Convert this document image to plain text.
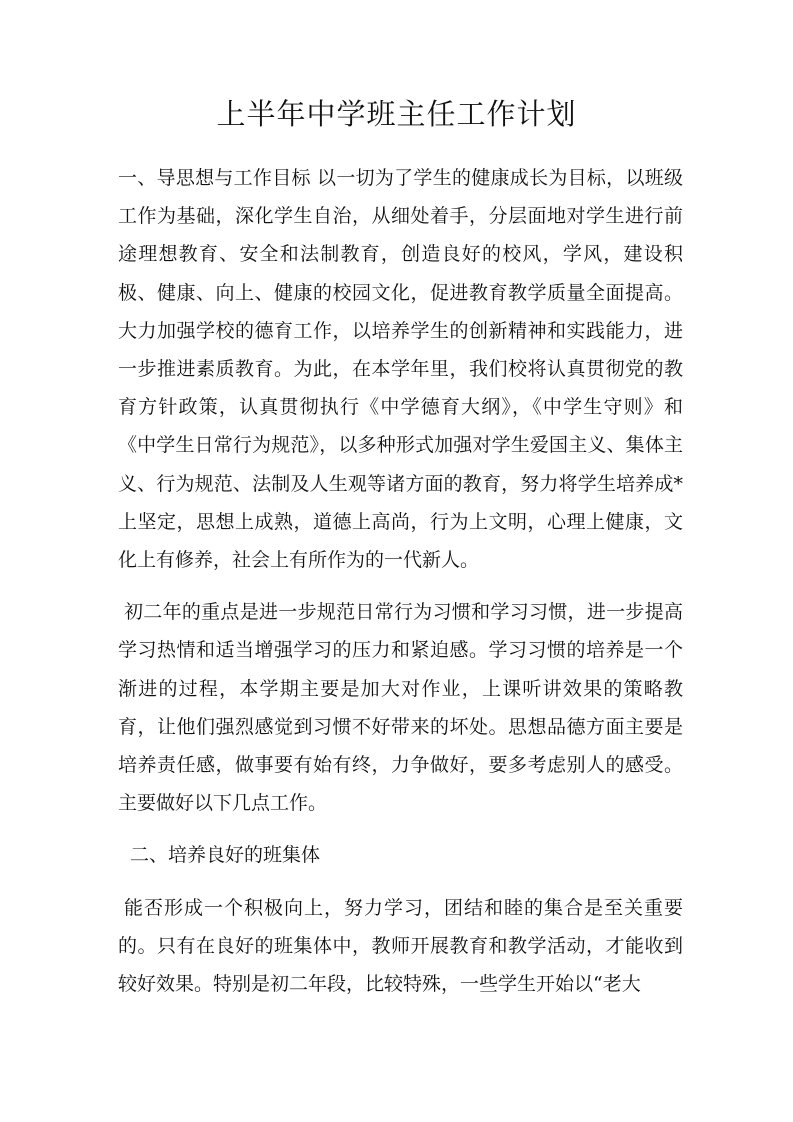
上半年中学班主任工作计划

一、导思想与工作目标 以一切为了学生的健康成长为目标，以班级工作为基础，深化学生自治，从细处着手，分层面地对学生进行前途理想教育、安全和法制教育，创造良好的校风，学风，建设积极、健康、向上、健康的校园文化，促进教育教学质量全面提高。大力加强学校的德育工作，以培养学生的创新精神和实践能力，进一步推进素质教育。为此，在本学年里，我们校将认真贯彻党的教育方针政策，认真贯彻执行《中学德育大纲》，《中学生守则》和《中学生日常行为规范》，以多种形式加强对学生爱国主义、集体主义、行为规范、法制及人生观等诸方面的教育，努力将学生培养成*上坚定，思想上成熟，道德上高尚，行为上文明，心理上健康，文化上有修养，社会上有所作为的一代新人。

初二年的重点是进一步规范日常行为习惯和学习习惯，进一步提高学习热情和适当增强学习的压力和紧迫感。学习习惯的培养是一个渐进的过程，本学期主要是加大对作业，上课听讲效果的策略教育，让他们强烈感觉到习惯不好带来的坏处。思想品德方面主要是培养责任感，做事要有始有终，力争做好，要多考虑别人的感受。主要做好以下几点工作。

二、培养良好的班集体

能否形成一个积极向上，努力学习，团结和睦的集合是至关重要的。只有在良好的班集体中，教师开展教育和教学活动，才能收到较好效果。特别是初二年段，比较特殊，一些学生开始以“老大
